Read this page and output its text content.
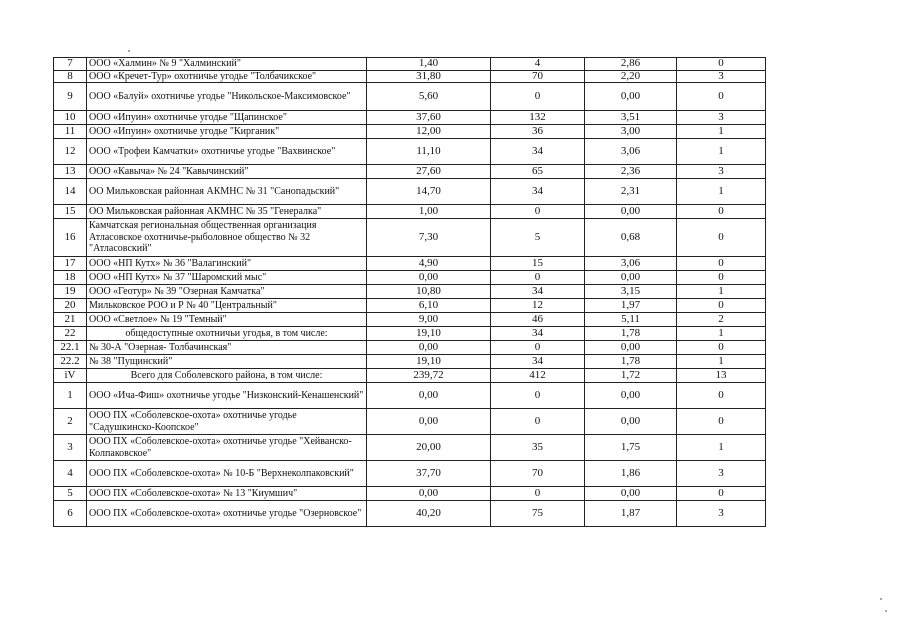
7	ООО «Халмин» № 9 "Халминский"	1,40	4	2,86	0
8	ООО «Кречет-Тур» охотничье угодье "Толбачикское"	31,80	70	2,20	3
9	ООО «Балуй» охотничье угодье "Никольское-Максимовское"	5,60	0	0,00	0
10	ООО «Ипуин» охотничье угодье "Щапинское"	37,60	132	3,51	3
11	ООО «Ипуин» охотничье угодье "Кирганик"	12,00	36	3,00	1
12	ООО «Трофеи Камчатки» охотничье угодье "Вахвинское"	11,10	34	3,06	1
13	ООО «Кавыча» № 24 "Кавычинский"	27,60	65	2,36	3
14	ОО Мильковская районная АКМНС № 31 "Санопадьский"	14,70	34	2,31	1
15	ОО Мильковская районная АКМНС № 35 "Генералка"	1,00	0	0,00	0
16	Камчатская региональная общественная организация Атласовское охотничье-рыболовное общество № 32 "Атласовский"	7,30	5	0,68	0
17	ООО «НП Кутх» № 36 "Валагинский"	4,90	15	3,06	0
18	ООО «НП Кутх» № 37 "Шаромский мыс"	0,00	0	0,00	0
19	ООО «Геотур» № 39 "Озерная Камчатка"	10,80	34	3,15	1
20	Мильковское РОО и Р № 40 "Центральный"	6,10	12	1,97	0
21	ООО «Светлое» № 19 "Темный"	9,00	46	5,11	2
22	общедоступные охотничьи угодья, в том числе:	19,10	34	1,78	1
22.1	№ 30-А "Озерная- Толбачинская"	0,00	0	0,00	0
22.2	№ 38 "Пущинский"	19,10	34	1,78	1
iV	Всего для Соболевского района, в том числе:	239,72	412	1,72	13
1	ООО «Ича-Фиш» охотничье угодье "Низконский-Кенашенский"	0,00	0	0,00	0
2	ООО ПХ «Соболевское-охота» охотничье угодье "Садушкинско-Коопское"	0,00	0	0,00	0
3	ООО ПХ «Соболевское-охота» охотничье угодье "Хейванско-Колпаковское"	20,00	35	1,75	1
4	ООО ПХ «Соболевское-охота» № 10-Б "Верхнеколпаковский"	37,70	70	1,86	3
5	ООО ПХ «Соболевское-охота» № 13 "Киумшич"	0,00	0	0,00	0
6	ООО ПХ «Соболевское-охота» охотничье угодье "Озерновское"	40,20	75	1,87	3
